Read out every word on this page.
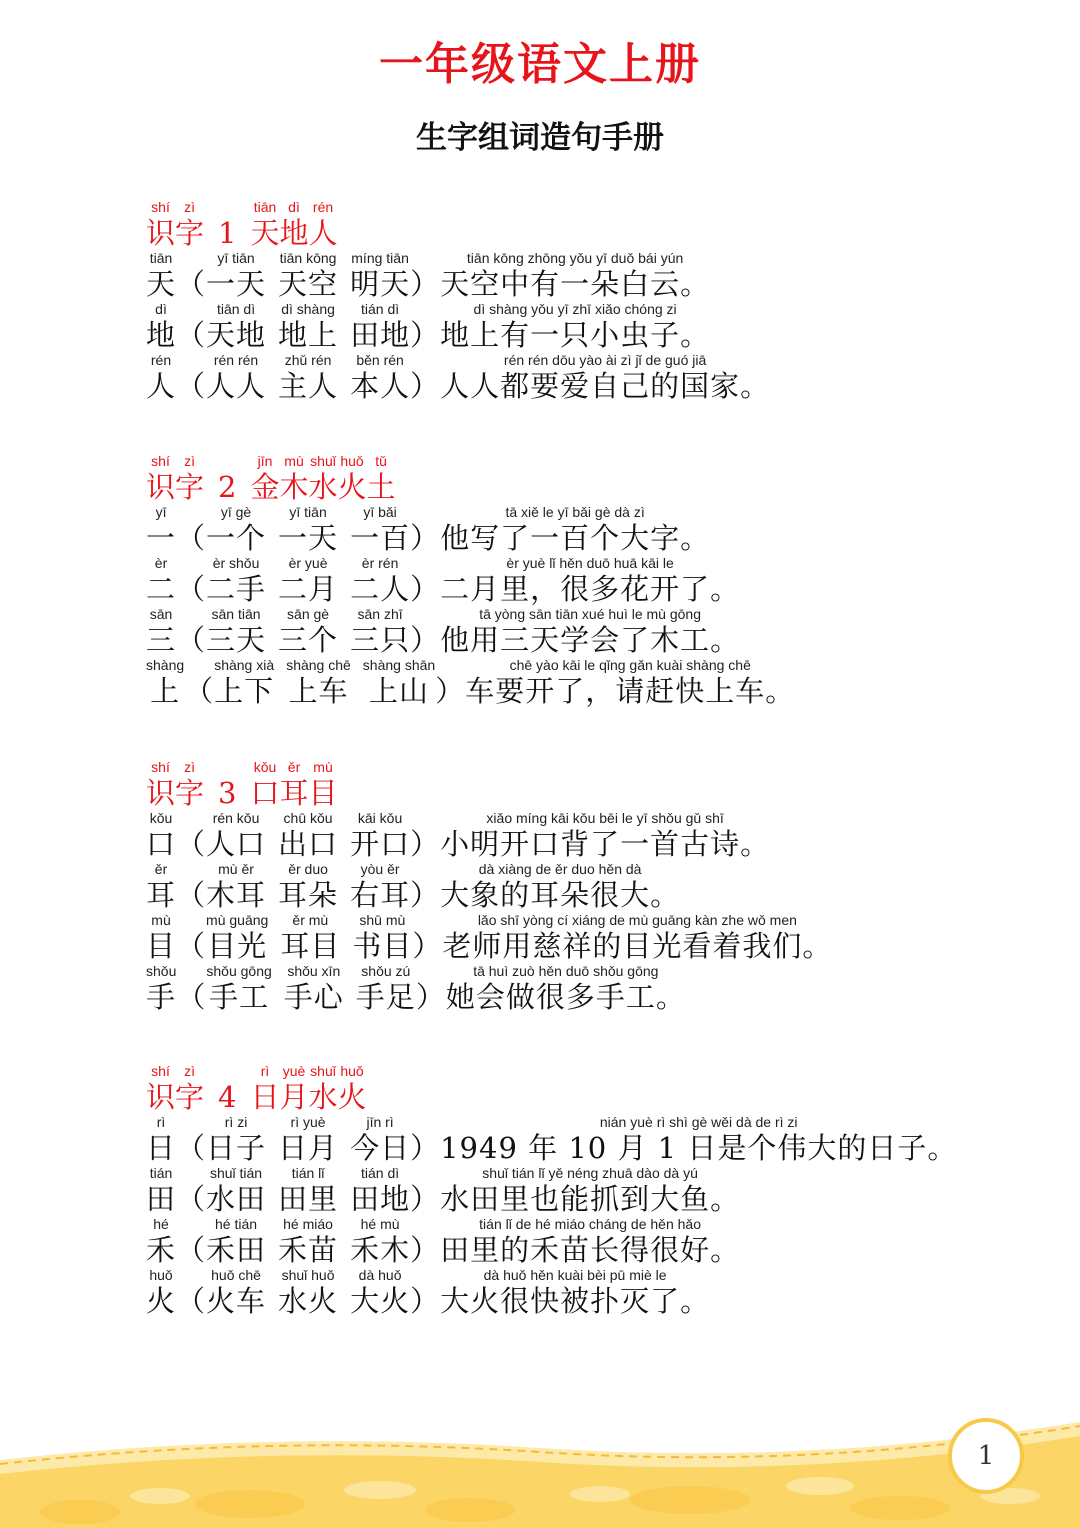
一年级语文上册
生字组词造句手册
shí
识
zì
字 1
tiān
天
dì
地
rén
人
tiān
天 （
yī tiān
一天
tiān kōng
天空
míng tiān
明天 ）
tiān kōng zhōng yǒu yī duǒ bái yún
天空中有一朵白云。
dì
地 （
tiān dì
天地
dì shàng
地上
tián dì
田地 ）
dì shàng yǒu yī zhī xiǎo chóng zi
地上有一只小虫子。
rén
人 （
rén rén
人人
zhǔ rén
主人
běn rén
本人 ）
rén rén dōu yào ài zì jǐ de guó jiā
人人都要爱自己的国家。
shí
识
zì
字 2
jīn
金
mù
木
shuǐ
水
huǒ
火
tǔ
土
yī
一 （
yī gè
一个
yī tiān
一天
yī bǎi
一百 ）
tā xiě le yī bǎi gè dà zì
他写了一百个大字。
èr
二 （
èr shǒu
二手
èr yuè
二月
èr rén
二人 ）
èr yuè lǐ hěn duō huā kāi le
二月里，很多花开了。
sān
三 （
sān tiān
三天
sān gè
三个
sān zhī
三只 ）
tā yòng sān tiān xué huì le mù gōng
他用三天学会了木工。
shàng
上 （
shàng xià
上下
shàng chē
上车
shàng shān
上山 ）
chē yào kāi le qǐng gǎn kuài shàng chē
车要开了，请赶快上车。
shí
识
zì
字 3
kǒu
口
ěr
耳
mù
目
kǒu
口 （
rén kǒu
人口
chū kǒu
出口
kāi kǒu
开口 ）
xiǎo míng kāi kǒu bēi le yī shǒu gǔ shī
小明开口背了一首古诗。
ěr
耳 （
mù ěr
木耳
ěr duo
耳朵
yòu ěr
右耳 ）
dà xiàng de ěr duo hěn dà
大象的耳朵很大。
mù
目 （
mù guāng
目光
ěr mù
耳目
shū mù
书目 ）
lǎo shī yòng cí xiáng de mù guāng kàn zhe wǒ men
老师用慈祥的目光看着我们。
shǒu
手 （
shǒu gōng
手工
shǒu xīn
手心
shǒu zú
手足 ）
tā huì zuò hěn duō shǒu gōng
她会做很多手工。
shí
识
zì
字 4
rì
日
yuè
月
shuǐ
水
huǒ
火
rì
日 （
rì zi
日子
rì yuè
日月
jīn rì
今日 ）
nián yuè rì shì gè wěi dà de rì zi
1949 年 10 月 1 日是个伟大的日子。
tián
田 （
shuǐ tián
水田
tián lǐ
田里
tián dì
田地 ）
shuǐ tián lǐ yě néng zhuā dào dà yú
水田里也能抓到大鱼。
hé
禾 （
hé tián
禾田
hé miáo
禾苗
hé mù
禾木 ）
tián lǐ de hé miáo cháng de hěn hǎo
田里的禾苗长得很好。
huǒ
火 （
huǒ chē
火车
shuǐ huǒ
水火
dà huǒ
大火 ）
dà huǒ hěn kuài bèi pū miè le
大火很快被扑灭了。
1
